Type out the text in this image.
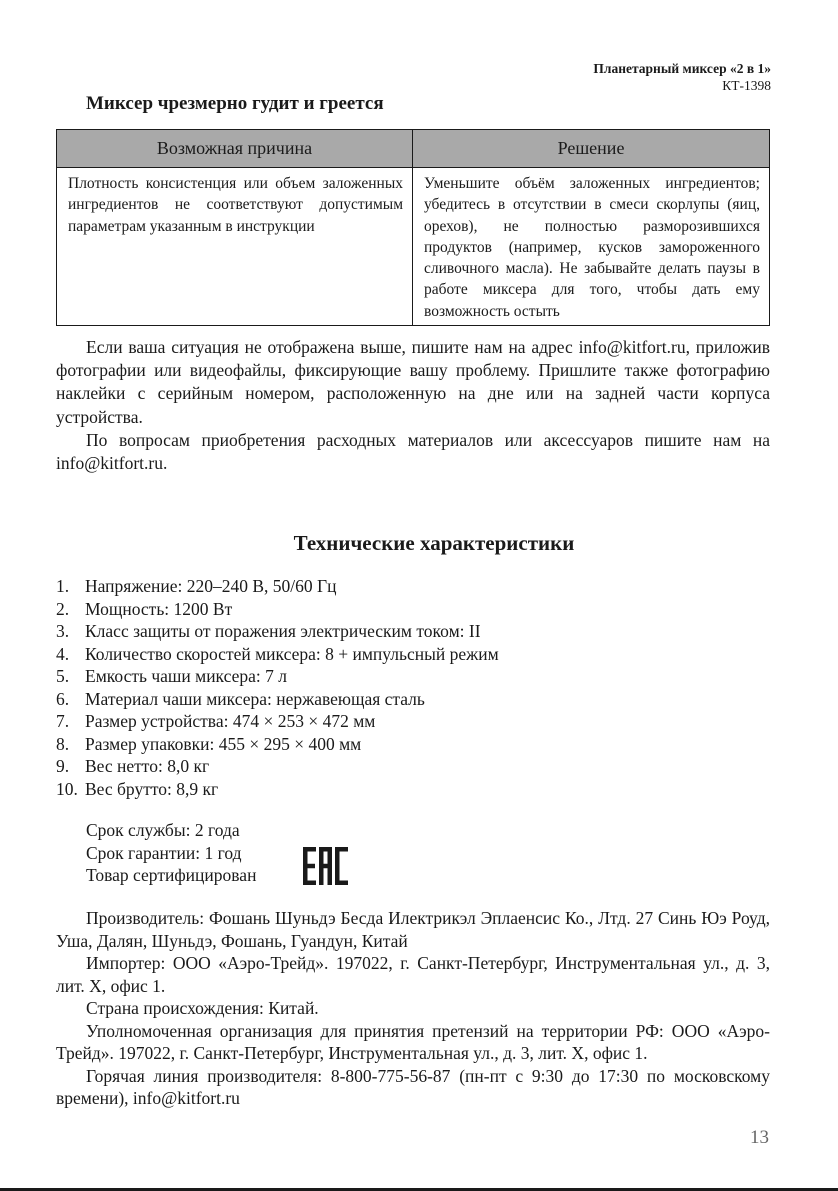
Планетарный миксер «2 в 1»
КТ-1398
Миксер чрезмерно гудит и греется
Возможная причина	Решение
Плотность консистенция или объем заложенных ингредиентов не соответствуют допустимым параметрам указанным в инструкции	Уменьшите объём заложенных ингредиентов; убедитесь в отсутствии в смеси скорлупы (яиц, орехов), не полностью разморозившихся продуктов (например, кусков замороженного сливочного масла). Не забывайте делать паузы в работе миксера для того, чтобы дать ему возможность остыть

Если ваша ситуация не отображена выше, пишите нам на адрес info@kitfort.ru, приложив фотографии или видеофайлы, фиксирующие вашу проблему. Пришлите также фотографию наклейки с серийным номером, расположенную на дне или на задней части корпуса устройства.

По вопросам приобретения расходных материалов или аксессуаров пишите нам на info@kitfort.ru.

Технические характеристики
1. Напряжение: 220–240 В, 50/60 Гц
2. Мощность: 1200 Вт
3. Класс защиты от поражения электрическим током: II
4. Количество скоростей миксера: 8 + импульсный режим
5. Емкость чаши миксера: 7 л
6. Материал чаши миксера: нержавеющая сталь
7. Размер устройства: 474 × 253 × 472 мм
8. Размер упаковки: 455 × 295 × 400 мм
9. Вес нетто: 8,0 кг
10. Вес брутто: 8,9 кг
Срок службы: 2 года
Срок гарантии: 1 год
Товар сертифицирован

Производитель: Фошань Шуньдэ Бесда Илектрикэл Эплаенсис Ко., Лтд. 27 Синь Юэ Роуд, Уша, Далян, Шуньдэ, Фошань, Гуандун, Китай

Импортер: ООО «Аэро-Трейд». 197022, г. Санкт-Петербург, Инструментальная ул., д. 3, лит. Х, офис 1.

Страна происхождения: Китай.

Уполномоченная организация для принятия претензий на территории РФ: ООО «Аэро-Трейд». 197022, г. Санкт-Петербург, Инструментальная ул., д. 3, лит. Х, офис 1.

Горячая линия производителя: 8-800-775-56-87 (пн-пт с 9:30 до 17:30 по московскому времени), info@kitfort.ru

13
